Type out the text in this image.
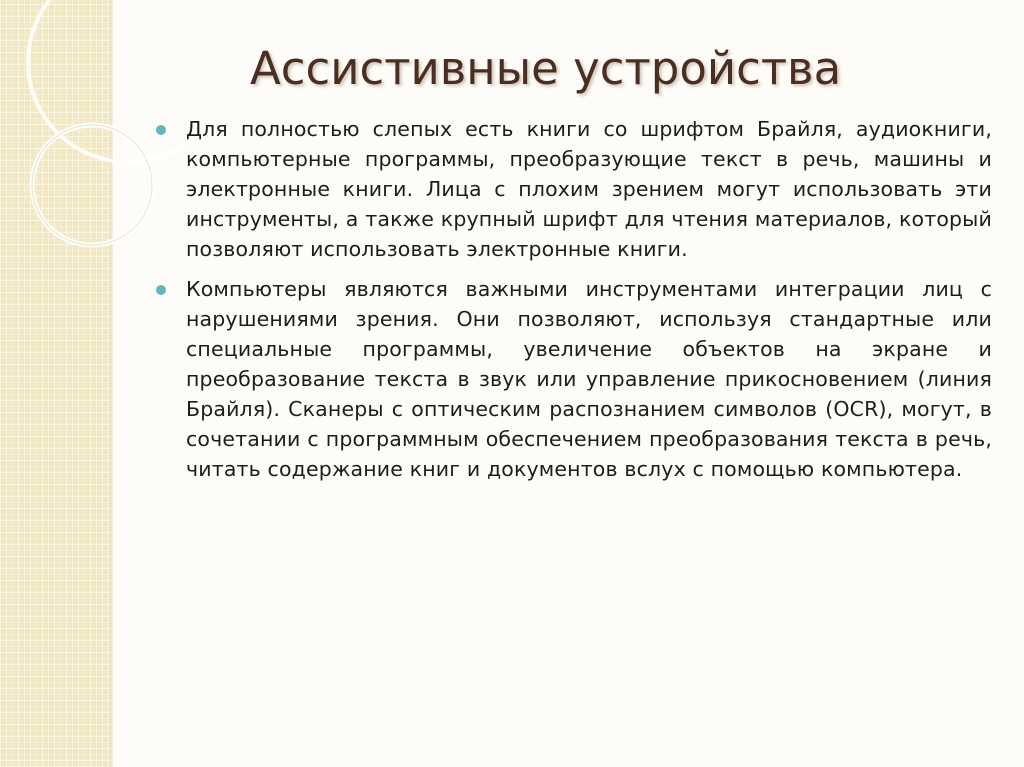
Ассистивные устройства

Для полностью слепых есть книги со шрифтом Брайля, аудиокниги, компьютерные программы, преобразующие текст в речь, машины и электронные книги. Лица с плохим зрением могут использовать эти инструменты, а также крупный шрифт для чтения материалов, который позволяют использовать электронные книги.

Компьютеры являются важными инструментами интеграции лиц с нарушениями зрения. Они позволяют, используя стандартные или специальные программы, увеличение объектов на экране и преобразование текста в звук или управление прикосновением (линия Брайля). Сканеры с оптическим распознанием символов (OCR), могут, в сочетании с программным обеспечением преобразования текста в речь, читать содержание книг и документов вслух с помощью компьютера.
